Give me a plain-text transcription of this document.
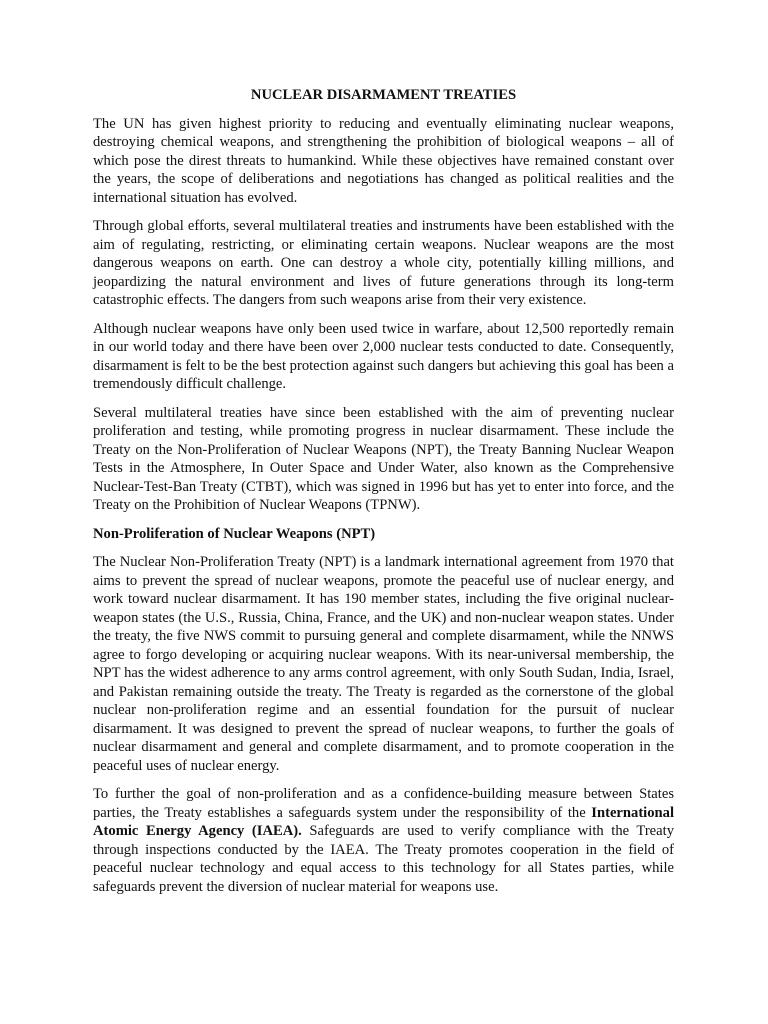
NUCLEAR DISARMAMENT TREATIES

The UN has given highest priority to reducing and eventually eliminating nuclear weapons, destroying chemical weapons, and strengthening the prohibition of biological weapons – all of which pose the direst threats to humankind. While these objectives have remained constant over the years, the scope of deliberations and negotiations has changed as political realities and the international situation has evolved.

Through global efforts, several multilateral treaties and instruments have been established with the aim of regulating, restricting, or eliminating certain weapons. Nuclear weapons are the most dangerous weapons on earth. One can destroy a whole city, potentially killing millions, and jeopardizing the natural environment and lives of future generations through its long-term catastrophic effects. The dangers from such weapons arise from their very existence.

Although nuclear weapons have only been used twice in warfare, about 12,500 reportedly remain in our world today and there have been over 2,000 nuclear tests conducted to date. Consequently, disarmament is felt to be the best protection against such dangers but achieving this goal has been a tremendously difficult challenge.

Several multilateral treaties have since been established with the aim of preventing nuclear proliferation and testing, while promoting progress in nuclear disarmament. These include the Treaty on the Non-Proliferation of Nuclear Weapons (NPT), the Treaty Banning Nuclear Weapon Tests in the Atmosphere, In Outer Space and Under Water, also known as the Comprehensive Nuclear-Test-Ban Treaty (CTBT), which was signed in 1996 but has yet to enter into force, and the Treaty on the Prohibition of Nuclear Weapons (TPNW).

Non-Proliferation of Nuclear Weapons (NPT)

The Nuclear Non-Proliferation Treaty (NPT) is a landmark international agreement from 1970 that aims to prevent the spread of nuclear weapons, promote the peaceful use of nuclear energy, and work toward nuclear disarmament. It has 190 member states, including the five original nuclear-weapon states (the U.S., Russia, China, France, and the UK) and non-nuclear weapon states. Under the treaty, the five NWS commit to pursuing general and complete disarmament, while the NNWS agree to forgo developing or acquiring nuclear weapons. With its near-universal membership, the NPT has the widest adherence to any arms control agreement, with only South Sudan, India, Israel, and Pakistan remaining outside the treaty. The Treaty is regarded as the cornerstone of the global nuclear non-proliferation regime and an essential foundation for the pursuit of nuclear disarmament. It was designed to prevent the spread of nuclear weapons, to further the goals of nuclear disarmament and general and complete disarmament, and to promote cooperation in the peaceful uses of nuclear energy.

To further the goal of non-proliferation and as a confidence-building measure between States parties, the Treaty establishes a safeguards system under the responsibility of the International Atomic Energy Agency (IAEA). Safeguards are used to verify compliance with the Treaty through inspections conducted by the IAEA. The Treaty promotes cooperation in the field of peaceful nuclear technology and equal access to this technology for all States parties, while safeguards prevent the diversion of nuclear material for weapons use.
